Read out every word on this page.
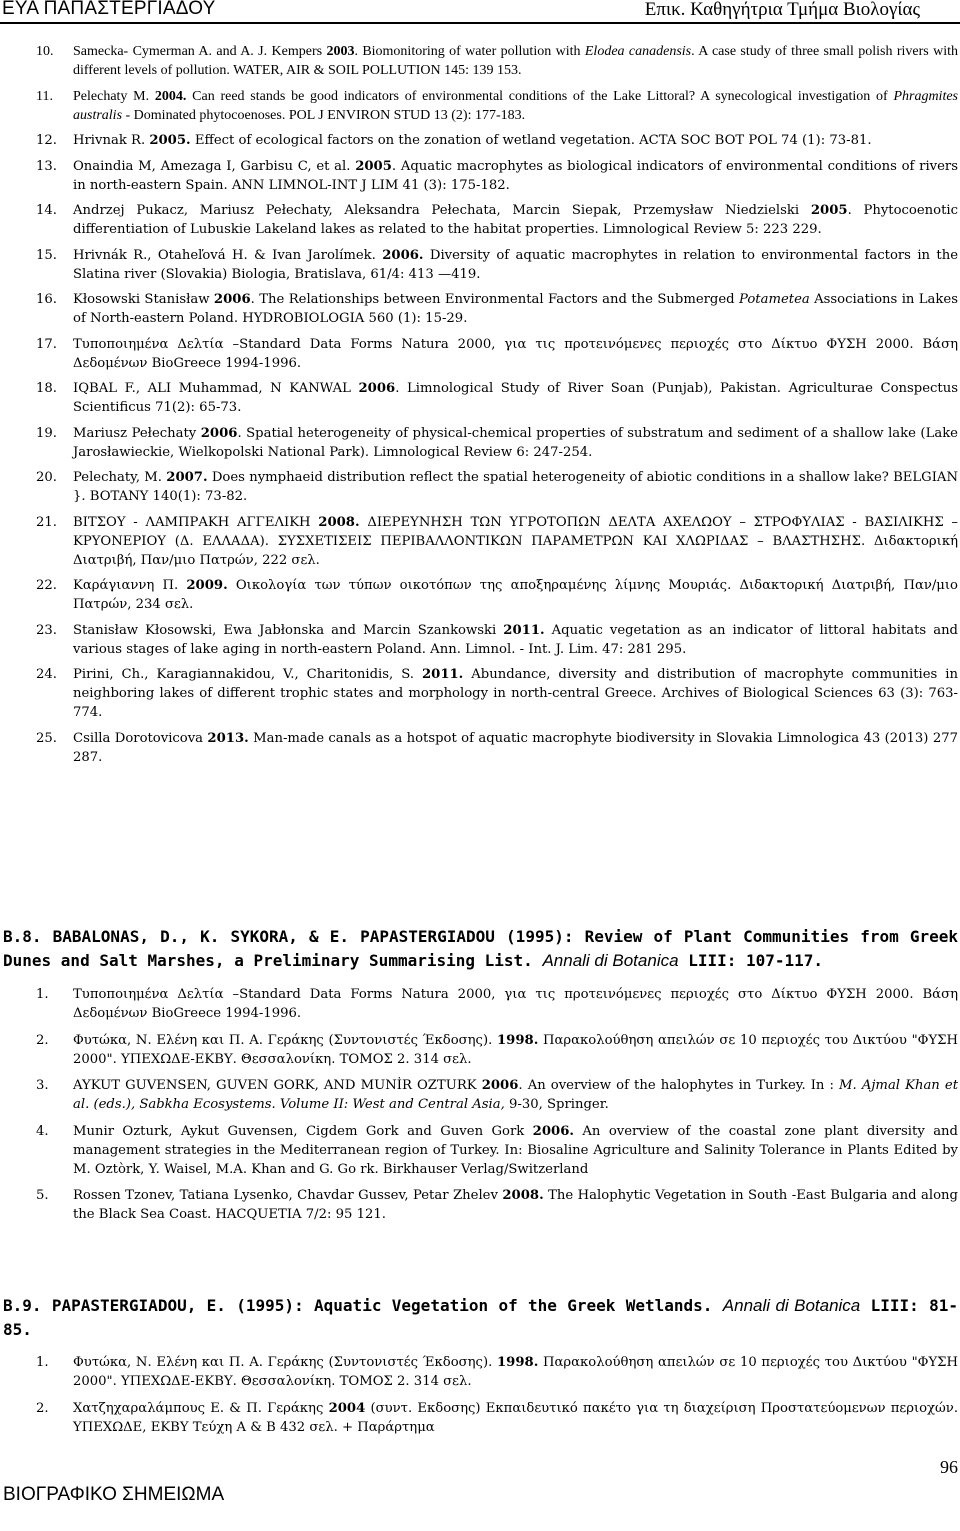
ΕΥΑ ΠΑΠΑΣΤΕΡΓΙΑΔΟΥ	Επικ. Καθηγήτρια Τμήμα Βιολογίας
10. Samecka- Cymerman A. and A. J. Kempers 2003. Biomonitoring of water pollution with Elodea canadensis. A case study of three small polish rivers with different levels of pollution. WATER, AIR & SOIL POLLUTION 145: 139 153.
11. Pelechaty M. 2004. Can reed stands be good indicators of environmental conditions of the Lake Littoral? A synecological investigation of Phragmites australis - Dominated phytocoenoses. POL J ENVIRON STUD 13 (2): 177-183.
12. Hrivnak R. 2005. Effect of ecological factors on the zonation of wetland vegetation. ACTA SOC BOT POL 74 (1): 73-81.
13. Onaindia M, Amezaga I, Garbisu C, et al. 2005. Aquatic macrophytes as biological indicators of environmental conditions of rivers in north-eastern Spain. ANN LIMNOL-INT J LIM 41 (3): 175-182.
14. Andrzej Pukacz, Mariusz Pełechaty, Aleksandra Pełechata, Marcin Siepak, Przemysław Niedzielski 2005. Phytocoenotic differentiation of Lubuskie Lakeland lakes as related to the habitat properties. Limnological Review 5: 223 229.
15. Hrivnák R., Otaheľová H. & Ivan Jarolímek. 2006. Diversity of aquatic macrophytes in relation to environmental factors in the Slatina river (Slovakia) Biologia, Bratislava, 61/4: 413 —419.
16. Kłosowski Stanisław 2006. The Relationships between Environmental Factors and the Submerged Potametea Associations in Lakes of North-eastern Poland. HYDROBIOLOGIA 560 (1): 15-29.
17. Τυποποιημένα Δελτία –Standard Data Forms Natura 2000, για τις προτεινόμενες περιοχές στο Δίκτυο ΦΥΣΗ 2000. Βάση Δεδομένων BioGreece 1994-1996.
18. IQBAL F., ALI Muhammad, N KANWAL 2006. Limnological Study of River Soan (Punjab), Pakistan. Agriculturae Conspectus Scientificus 71(2): 65-73.
19. Mariusz Pełechaty 2006. Spatial heterogeneity of physical-chemical properties of substratum and sediment of a shallow lake (Lake Jarosławieckie, Wielkopolski National Park). Limnological Review 6: 247-254.
20. Pelechaty, M. 2007. Does nymphaeid distribution reflect the spatial heterogeneity of abiotic conditions in a shallow lake? BELGIAN }. BOTANY 140(1): 73-82.
21. ΒΙΤΣΟΥ - ΛΑΜΠΡΑΚΗ ΑΓΓΕΛΙΚΗ 2008. ΔΙΕΡΕΥΝΗΣΗ ΤΩΝ ΥΓΡΟΤΟΠΩΝ ΔΕΛΤΑ ΑΧΕΛΩΟΥ – ΣΤΡΟΦΥΛΙΑΣ - ΒΑΣΙΛΙΚΗΣ – ΚΡΥΟΝΕΡΙΟΥ (Δ. ΕΛΛΑΔΑ). ΣΥΣΧΕΤΙΣΕΙΣ ΠΕΡΙΒΑΛΛΟΝΤΙΚΩΝ ΠΑΡΑΜΕΤΡΩΝ ΚΑΙ ΧΛΩΡΙΔΑΣ – ΒΛΑΣΤΗΣΗΣ. Διδακτορική Διατριβή, Παν/μιο Πατρών, 222 σελ.
22. Καράγιαννη Π. 2009. Οικολογία των τύπων οικοτόπων της αποξηραμένης λίμνης Μουριάς. Διδακτορική Διατριβή, Παν/μιο Πατρών, 234 σελ.
23. Stanisław Kłosowski, Ewa Jabłonska and Marcin Szankowski 2011. Aquatic vegetation as an indicator of littoral habitats and various stages of lake aging in north-eastern Poland. Ann. Limnol. - Int. J. Lim. 47: 281 295.
24. Pirini, Ch., Karagiannakidou, V., Charitonidis, S. 2011. Abundance, diversity and distribution of macrophyte communities in neighboring lakes of different trophic states and morphology in north-central Greece. Archives of Biological Sciences 63 (3): 763-774.
25. Csilla Dorotovicova 2013. Man-made canals as a hotspot of aquatic macrophyte biodiversity in Slovakia Limnologica 43 (2013) 277 287.
B.8. BABALONAS, D., K. SYKORA, & E. PAPASTERGIADOU (1995): Review of Plant Communities from Greek Dunes and Salt Marshes, a Preliminary Summarising List. Annali di Botanica LIII: 107-117.
1. Τυποποιημένα Δελτία –Standard Data Forms Natura 2000, για τις προτεινόμενες περιοχές στο Δίκτυο ΦΥΣΗ 2000. Βάση Δεδομένων BioGreece 1994-1996.
2. Φυτώκα, Ν. Ελένη και Π. Α. Γεράκης (Συντονιστές Έκδοσης). 1998. Παρακολούθηση απειλών σε 10 περιοχές του Δικτύου "ΦΥΣΗ 2000". ΥΠΕΧΩΔΕ-ΕΚΒΥ. Θεσσαλονίκη. ΤΟΜΟΣ 2. 314 σελ.
3. AYKUT GUVENSEN, GUVEN GORK, AND MUNİR OZTURK 2006. An overview of the halophytes in Turkey. In : M. Ajmal Khan et al. (eds.), Sabkha Ecosystems. Volume II: West and Central Asia, 9-30, Springer.
4. Munir Ozturk, Aykut Guvensen, Cigdem Gork and Guven Gork 2006. An overview of the coastal zone plant diversity and management strategies in the Mediterranean region of Turkey. In: Biosaline Agriculture and Salinity Tolerance in Plants Edited by M. Oztòrk, Y. Waisel, M.A. Khan and G. Go rk. Birkhauser Verlag/Switzerland
5. Rossen Tzonev, Tatiana Lysenko, Chavdar Gussev, Petar Zhelev 2008. The Halophytic Vegetation in South -East Bulgaria and along the Black Sea Coast. HACQUETIA 7/2: 95 121.
B.9. PAPASTERGIADOU, E. (1995): Aquatic Vegetation of the Greek Wetlands. Annali di Botanica LIII: 81-85.
1. Φυτώκα, Ν. Ελένη και Π. Α. Γεράκης (Συντονιστές Έκδοσης). 1998. Παρακολούθηση απειλών σε 10 περιοχές του Δικτύου "ΦΥΣΗ 2000". ΥΠΕΧΩΔΕ-ΕΚΒΥ. Θεσσαλονίκη. ΤΟΜΟΣ 2. 314 σελ.
2. Χατζηχαραλάμπους Ε. & Π. Γεράκης 2004 (συντ. Εκδοσης) Εκπαιδευτικό πακέτο για τη διαχείριση Προστατεύομενων περιοχών. ΥΠΕΧΩΔΕ, ΕΚΒΥ Τεύχη Α & Β 432 σελ. + Παράρτημα
96
ΒΙΟΓΡΑΦΙΚΟ ΣΗΜΕΙΩΜΑ
